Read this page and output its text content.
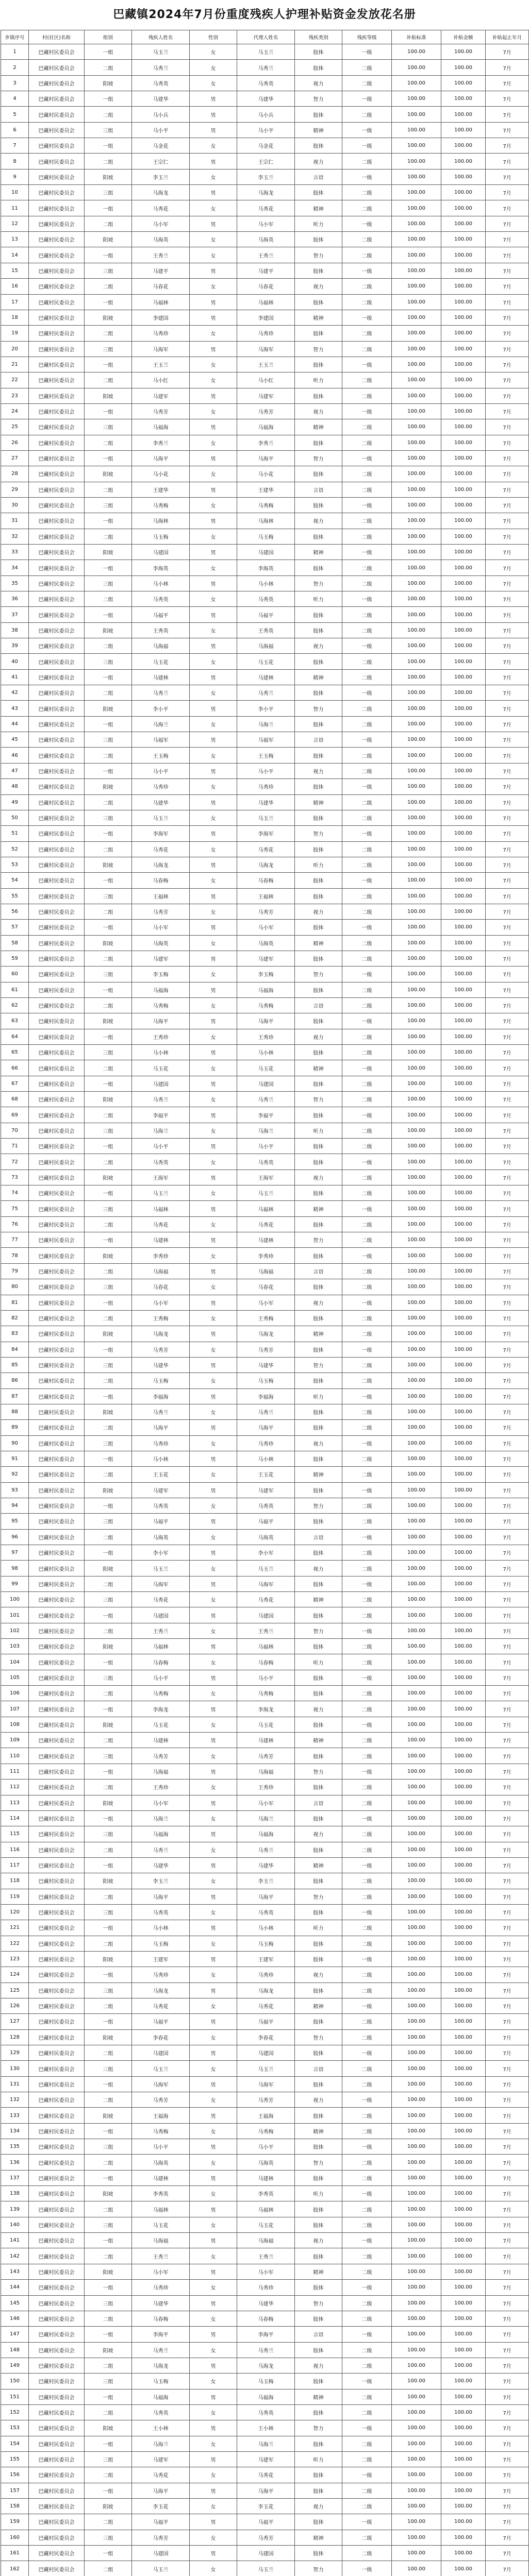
巴藏镇2024年7月份重度残疾人护理补贴资金发放花名册
乡镇序号	村(社区)名称	组别	残疾人姓名	性别	代理人姓名	残疾类别	残疾等级	补贴标准	补贴金额	补贴起止年月
1	巴藏村民委员会	一组	马玉兰	女	马玉兰	肢体	一级	100.00	100.00	7月
2	巴藏村民委员会	二组	马秀兰	女	马秀兰	肢体	二级	100.00	100.00	7月
3	巴藏村民委员会	阳坡	马秀英	女	马秀英	视力	二级	100.00	100.00	7月
4	巴藏村民委员会	一组	马建华	男	马建华	智力	一级	100.00	100.00	7月
5	巴藏村民委员会	二组	马小兵	男	马小兵	肢体	二级	100.00	100.00	7月
6	巴藏村民委员会	三组	马小平	男	马小平	精神	一级	100.00	100.00	7月
7	巴藏村民委员会	一组	马金花	女	马金花	肢体	一级	100.00	100.00	7月
8	巴藏村民委员会	二组	王宗仁	男	王宗仁	视力	二级	100.00	100.00	7月
9	巴藏村民委员会	阳坡	李玉兰	女	李玉兰	言语	一级	100.00	100.00	7月
10	巴藏村民委员会	三组	马海龙	男	马海龙	肢体	二级	100.00	100.00	7月
11	巴藏村民委员会	一组	马秀花	女	马秀花	精神	二级	100.00	100.00	7月
12	巴藏村民委员会	二组	马小军	男	马小军	听力	一级	100.00	100.00	7月
13	巴藏村民委员会	阳坡	马海英	女	马海英	肢体	二级	100.00	100.00	7月
14	巴藏村民委员会	一组	王秀兰	女	王秀兰	智力	二级	100.00	100.00	7月
15	巴藏村民委员会	三组	马建平	男	马建平	肢体	一级	100.00	100.00	7月
16	巴藏村民委员会	二组	马春花	女	马春花	视力	二级	100.00	100.00	7月
17	巴藏村民委员会	一组	马福林	男	马福林	肢体	二级	100.00	100.00	7月
18	巴藏村民委员会	阳坡	李建国	男	李建国	精神	一级	100.00	100.00	7月
19	巴藏村民委员会	二组	马秀珍	女	马秀珍	肢体	二级	100.00	100.00	7月
20	巴藏村民委员会	三组	马海军	男	马海军	智力	二级	100.00	100.00	7月
21	巴藏村民委员会	一组	王玉兰	女	王玉兰	肢体	一级	100.00	100.00	7月
22	巴藏村民委员会	二组	马小红	女	马小红	听力	二级	100.00	100.00	7月
23	巴藏村民委员会	阳坡	马建军	男	马建军	肢体	二级	100.00	100.00	7月
24	巴藏村民委员会	一组	马秀芳	女	马秀芳	视力	一级	100.00	100.00	7月
25	巴藏村民委员会	三组	马福海	男	马福海	精神	二级	100.00	100.00	7月
26	巴藏村民委员会	二组	李秀兰	女	李秀兰	肢体	二级	100.00	100.00	7月
27	巴藏村民委员会	一组	马海平	男	马海平	智力	一级	100.00	100.00	7月
28	巴藏村民委员会	阳坡	马小花	女	马小花	肢体	二级	100.00	100.00	7月
29	巴藏村民委员会	二组	王建华	男	王建华	言语	二级	100.00	100.00	7月
30	巴藏村民委员会	三组	马秀梅	女	马秀梅	肢体	一级	100.00	100.00	7月
31	巴藏村民委员会	一组	马海林	男	马海林	视力	二级	100.00	100.00	7月
32	巴藏村民委员会	二组	马玉梅	女	马玉梅	肢体	二级	100.00	100.00	7月
33	巴藏村民委员会	阳坡	马建国	男	马建国	精神	一级	100.00	100.00	7月
34	巴藏村民委员会	一组	李海英	女	李海英	肢体	二级	100.00	100.00	7月
35	巴藏村民委员会	三组	马小林	男	马小林	智力	二级	100.00	100.00	7月
36	巴藏村民委员会	二组	马秀英	女	马秀英	听力	一级	100.00	100.00	7月
37	巴藏村民委员会	一组	马福平	男	马福平	肢体	二级	100.00	100.00	7月
38	巴藏村民委员会	阳坡	王秀英	女	王秀英	肢体	二级	100.00	100.00	7月
39	巴藏村民委员会	二组	马海福	男	马海福	视力	一级	100.00	100.00	7月
40	巴藏村民委员会	三组	马玉花	女	马玉花	肢体	二级	100.00	100.00	7月
41	巴藏村民委员会	一组	马建林	男	马建林	精神	二级	100.00	100.00	7月
42	巴藏村民委员会	二组	马秀兰	女	马秀兰	肢体	一级	100.00	100.00	7月
43	巴藏村民委员会	阳坡	李小平	男	李小平	智力	二级	100.00	100.00	7月
44	巴藏村民委员会	一组	马海兰	女	马海兰	肢体	二级	100.00	100.00	7月
45	巴藏村民委员会	三组	马福军	男	马福军	言语	一级	100.00	100.00	7月
46	巴藏村民委员会	二组	王玉梅	女	王玉梅	肢体	二级	100.00	100.00	7月
47	巴藏村民委员会	一组	马小平	男	马小平	视力	二级	100.00	100.00	7月
48	巴藏村民委员会	阳坡	马秀珍	女	马秀珍	肢体	一级	100.00	100.00	7月
49	巴藏村民委员会	二组	马建华	男	马建华	精神	二级	100.00	100.00	7月
50	巴藏村民委员会	三组	马玉兰	女	马玉兰	肢体	二级	100.00	100.00	7月
51	巴藏村民委员会	一组	李海军	男	李海军	智力	一级	100.00	100.00	7月
52	巴藏村民委员会	二组	马秀花	女	马秀花	肢体	二级	100.00	100.00	7月
53	巴藏村民委员会	阳坡	马海龙	男	马海龙	听力	二级	100.00	100.00	7月
54	巴藏村民委员会	一组	马春梅	女	马春梅	肢体	一级	100.00	100.00	7月
55	巴藏村民委员会	三组	王福林	男	王福林	肢体	二级	100.00	100.00	7月
56	巴藏村民委员会	二组	马秀芳	女	马秀芳	视力	二级	100.00	100.00	7月
57	巴藏村民委员会	一组	马小军	男	马小军	肢体	一级	100.00	100.00	7月
58	巴藏村民委员会	阳坡	马海英	女	马海英	精神	二级	100.00	100.00	7月
59	巴藏村民委员会	二组	马建军	男	马建军	肢体	二级	100.00	100.00	7月
60	巴藏村民委员会	三组	李玉梅	女	李玉梅	智力	一级	100.00	100.00	7月
61	巴藏村民委员会	一组	马福海	男	马福海	肢体	二级	100.00	100.00	7月
62	巴藏村民委员会	二组	马秀梅	女	马秀梅	言语	二级	100.00	100.00	7月
63	巴藏村民委员会	阳坡	马海平	男	马海平	肢体	一级	100.00	100.00	7月
64	巴藏村民委员会	一组	王秀珍	女	王秀珍	视力	二级	100.00	100.00	7月
65	巴藏村民委员会	三组	马小林	男	马小林	肢体	二级	100.00	100.00	7月
66	巴藏村民委员会	二组	马玉花	女	马玉花	精神	一级	100.00	100.00	7月
67	巴藏村民委员会	一组	马建国	男	马建国	肢体	二级	100.00	100.00	7月
68	巴藏村民委员会	阳坡	马秀兰	女	马秀兰	智力	二级	100.00	100.00	7月
69	巴藏村民委员会	二组	李福平	男	李福平	肢体	一级	100.00	100.00	7月
70	巴藏村民委员会	三组	马海兰	女	马海兰	听力	二级	100.00	100.00	7月
71	巴藏村民委员会	一组	马小平	男	马小平	肢体	二级	100.00	100.00	7月
72	巴藏村民委员会	二组	马秀英	女	马秀英	肢体	一级	100.00	100.00	7月
73	巴藏村民委员会	阳坡	王海军	男	王海军	视力	二级	100.00	100.00	7月
74	巴藏村民委员会	一组	马玉兰	女	马玉兰	肢体	二级	100.00	100.00	7月
75	巴藏村民委员会	三组	马福林	男	马福林	精神	一级	100.00	100.00	7月
76	巴藏村民委员会	二组	马秀花	女	马秀花	肢体	二级	100.00	100.00	7月
77	巴藏村民委员会	一组	马建林	男	马建林	智力	二级	100.00	100.00	7月
78	巴藏村民委员会	阳坡	李秀珍	女	李秀珍	肢体	一级	100.00	100.00	7月
79	巴藏村民委员会	二组	马海福	男	马海福	言语	二级	100.00	100.00	7月
80	巴藏村民委员会	三组	马春花	女	马春花	肢体	二级	100.00	100.00	7月
81	巴藏村民委员会	一组	马小军	男	马小军	视力	一级	100.00	100.00	7月
82	巴藏村民委员会	二组	王秀梅	女	王秀梅	肢体	二级	100.00	100.00	7月
83	巴藏村民委员会	阳坡	马海龙	男	马海龙	精神	二级	100.00	100.00	7月
84	巴藏村民委员会	一组	马秀芳	女	马秀芳	肢体	一级	100.00	100.00	7月
85	巴藏村民委员会	三组	马建华	男	马建华	智力	二级	100.00	100.00	7月
86	巴藏村民委员会	二组	马玉梅	女	马玉梅	肢体	二级	100.00	100.00	7月
87	巴藏村民委员会	一组	李福海	男	李福海	听力	一级	100.00	100.00	7月
88	巴藏村民委员会	阳坡	马秀兰	女	马秀兰	肢体	二级	100.00	100.00	7月
89	巴藏村民委员会	二组	马海平	男	马海平	肢体	二级	100.00	100.00	7月
90	巴藏村民委员会	三组	马秀珍	女	马秀珍	视力	一级	100.00	100.00	7月
91	巴藏村民委员会	一组	马小林	男	马小林	肢体	二级	100.00	100.00	7月
92	巴藏村民委员会	二组	王玉花	女	王玉花	精神	二级	100.00	100.00	7月
93	巴藏村民委员会	阳坡	马建军	男	马建军	肢体	一级	100.00	100.00	7月
94	巴藏村民委员会	一组	马秀英	女	马秀英	智力	二级	100.00	100.00	7月
95	巴藏村民委员会	三组	马福平	男	马福平	肢体	二级	100.00	100.00	7月
96	巴藏村民委员会	二组	马海英	女	马海英	言语	一级	100.00	100.00	7月
97	巴藏村民委员会	一组	李小军	男	李小军	肢体	二级	100.00	100.00	7月
98	巴藏村民委员会	阳坡	马玉兰	女	马玉兰	视力	二级	100.00	100.00	7月
99	巴藏村民委员会	二组	马海军	男	马海军	肢体	一级	100.00	100.00	7月
100	巴藏村民委员会	三组	马秀花	女	马秀花	精神	二级	100.00	100.00	7月
101	巴藏村民委员会	一组	马建国	男	马建国	肢体	二级	100.00	100.00	7月
102	巴藏村民委员会	二组	王秀兰	女	王秀兰	智力	一级	100.00	100.00	7月
103	巴藏村民委员会	阳坡	马福林	男	马福林	肢体	二级	100.00	100.00	7月
104	巴藏村民委员会	一组	马春梅	女	马春梅	听力	二级	100.00	100.00	7月
105	巴藏村民委员会	三组	马小平	男	马小平	肢体	一级	100.00	100.00	7月
106	巴藏村民委员会	二组	马秀梅	女	马秀梅	肢体	二级	100.00	100.00	7月
107	巴藏村民委员会	一组	李海龙	男	李海龙	视力	二级	100.00	100.00	7月
108	巴藏村民委员会	阳坡	马玉花	女	马玉花	肢体	一级	100.00	100.00	7月
109	巴藏村民委员会	二组	马建林	男	马建林	精神	二级	100.00	100.00	7月
110	巴藏村民委员会	三组	马秀芳	女	马秀芳	肢体	二级	100.00	100.00	7月
111	巴藏村民委员会	一组	马海福	男	马海福	智力	一级	100.00	100.00	7月
112	巴藏村民委员会	二组	王秀珍	女	王秀珍	肢体	二级	100.00	100.00	7月
113	巴藏村民委员会	阳坡	马小军	男	马小军	言语	二级	100.00	100.00	7月
114	巴藏村民委员会	一组	马海兰	女	马海兰	肢体	一级	100.00	100.00	7月
115	巴藏村民委员会	三组	马福海	男	马福海	视力	二级	100.00	100.00	7月
116	巴藏村民委员会	二组	马秀兰	女	马秀兰	肢体	二级	100.00	100.00	7月
117	巴藏村民委员会	一组	马建华	男	马建华	精神	一级	100.00	100.00	7月
118	巴藏村民委员会	阳坡	李玉兰	女	李玉兰	肢体	二级	100.00	100.00	7月
119	巴藏村民委员会	二组	马海平	男	马海平	智力	二级	100.00	100.00	7月
120	巴藏村民委员会	三组	马秀英	女	马秀英	肢体	一级	100.00	100.00	7月
121	巴藏村民委员会	一组	马小林	男	马小林	听力	二级	100.00	100.00	7月
122	巴藏村民委员会	二组	马玉梅	女	马玉梅	肢体	二级	100.00	100.00	7月
123	巴藏村民委员会	阳坡	王建军	男	王建军	肢体	一级	100.00	100.00	7月
124	巴藏村民委员会	一组	马秀珍	女	马秀珍	视力	二级	100.00	100.00	7月
125	巴藏村民委员会	三组	马海龙	男	马海龙	肢体	二级	100.00	100.00	7月
126	巴藏村民委员会	二组	马秀花	女	马秀花	精神	一级	100.00	100.00	7月
127	巴藏村民委员会	一组	马福平	男	马福平	肢体	二级	100.00	100.00	7月
128	巴藏村民委员会	阳坡	李春花	女	李春花	智力	二级	100.00	100.00	7月
129	巴藏村民委员会	二组	马建国	男	马建国	肢体	一级	100.00	100.00	7月
130	巴藏村民委员会	三组	马玉兰	女	马玉兰	言语	二级	100.00	100.00	7月
131	巴藏村民委员会	一组	马海军	男	马海军	肢体	二级	100.00	100.00	7月
132	巴藏村民委员会	二组	马秀芳	女	马秀芳	视力	一级	100.00	100.00	7月
133	巴藏村民委员会	阳坡	王福海	男	王福海	肢体	二级	100.00	100.00	7月
134	巴藏村民委员会	一组	马秀梅	女	马秀梅	精神	二级	100.00	100.00	7月
135	巴藏村民委员会	三组	马小平	男	马小平	肢体	一级	100.00	100.00	7月
136	巴藏村民委员会	二组	马海英	女	马海英	智力	二级	100.00	100.00	7月
137	巴藏村民委员会	一组	马建林	男	马建林	肢体	二级	100.00	100.00	7月
138	巴藏村民委员会	阳坡	李秀英	女	李秀英	听力	一级	100.00	100.00	7月
139	巴藏村民委员会	二组	马福林	男	马福林	肢体	二级	100.00	100.00	7月
140	巴藏村民委员会	三组	马玉花	女	马玉花	肢体	二级	100.00	100.00	7月
141	巴藏村民委员会	一组	马海福	男	马海福	视力	一级	100.00	100.00	7月
142	巴藏村民委员会	二组	王秀兰	女	王秀兰	肢体	二级	100.00	100.00	7月
143	巴藏村民委员会	阳坡	马小军	男	马小军	精神	二级	100.00	100.00	7月
144	巴藏村民委员会	一组	马秀珍	女	马秀珍	肢体	一级	100.00	100.00	7月
145	巴藏村民委员会	三组	马建华	男	马建华	智力	二级	100.00	100.00	7月
146	巴藏村民委员会	二组	马春梅	女	马春梅	肢体	二级	100.00	100.00	7月
147	巴藏村民委员会	一组	李海平	男	李海平	言语	一级	100.00	100.00	7月
148	巴藏村民委员会	阳坡	马秀兰	女	马秀兰	肢体	二级	100.00	100.00	7月
149	巴藏村民委员会	二组	马海龙	男	马海龙	视力	二级	100.00	100.00	7月
150	巴藏村民委员会	三组	马玉梅	女	马玉梅	肢体	一级	100.00	100.00	7月
151	巴藏村民委员会	一组	马福海	男	马福海	精神	二级	100.00	100.00	7月
152	巴藏村民委员会	二组	马秀英	女	马秀英	肢体	二级	100.00	100.00	7月
153	巴藏村民委员会	阳坡	王小林	男	王小林	智力	一级	100.00	100.00	7月
154	巴藏村民委员会	一组	马海兰	女	马海兰	肢体	二级	100.00	100.00	7月
155	巴藏村民委员会	三组	马建军	男	马建军	听力	二级	100.00	100.00	7月
156	巴藏村民委员会	二组	马秀花	女	马秀花	肢体	一级	100.00	100.00	7月
157	巴藏村民委员会	一组	马海平	男	马海平	肢体	二级	100.00	100.00	7月
158	巴藏村民委员会	阳坡	李玉花	女	李玉花	视力	二级	100.00	100.00	7月
159	巴藏村民委员会	二组	马福平	男	马福平	肢体	一级	100.00	100.00	7月
160	巴藏村民委员会	三组	马秀芳	女	马秀芳	精神	二级	100.00	100.00	7月
161	巴藏村民委员会	一组	马建国	男	马建国	肢体	二级	100.00	100.00	7月
162	巴藏村民委员会	二组	马玉兰	女	马玉兰	智力	一级	100.00	100.00	7月
